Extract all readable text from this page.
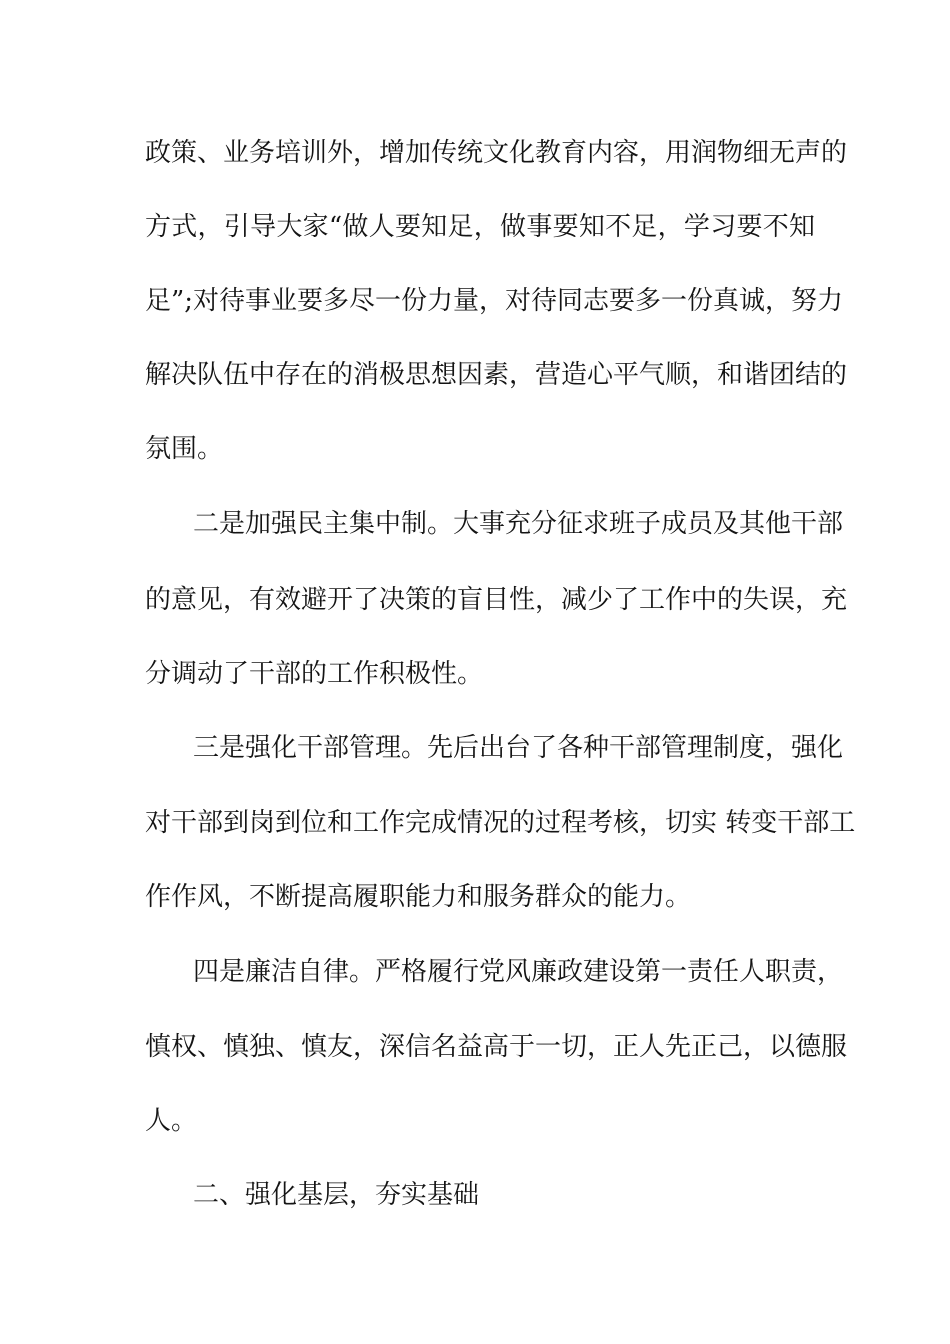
政策、业务培训外，增加传统文化教育内容，用润物细无声的
方式，引导大家“做人要知足，做事要知不足，学习要不知
足”;对待事业要多尽一份力量，对待同志要多一份真诚，努力
解决队伍中存在的消极思想因素，营造心平气顺，和谐团结的
氛围。
二是加强民主集中制。大事充分征求班子成员及其他干部
的意见，有效避开了决策的盲目性，减少了工作中的失误，充
分调动了干部的工作积极性。
三是强化干部管理。先后出台了各种干部管理制度，强化
对干部到岗到位和工作完成情况的过程考核，切实 转变干部工
作作风，不断提高履职能力和服务群众的能力。
四是廉洁自律。严格履行党风廉政建设第一责任人职责，
慎权、慎独、慎友，深信名益高于一切，正人先正己，以德服
人。
二、强化基层，夯实基础
